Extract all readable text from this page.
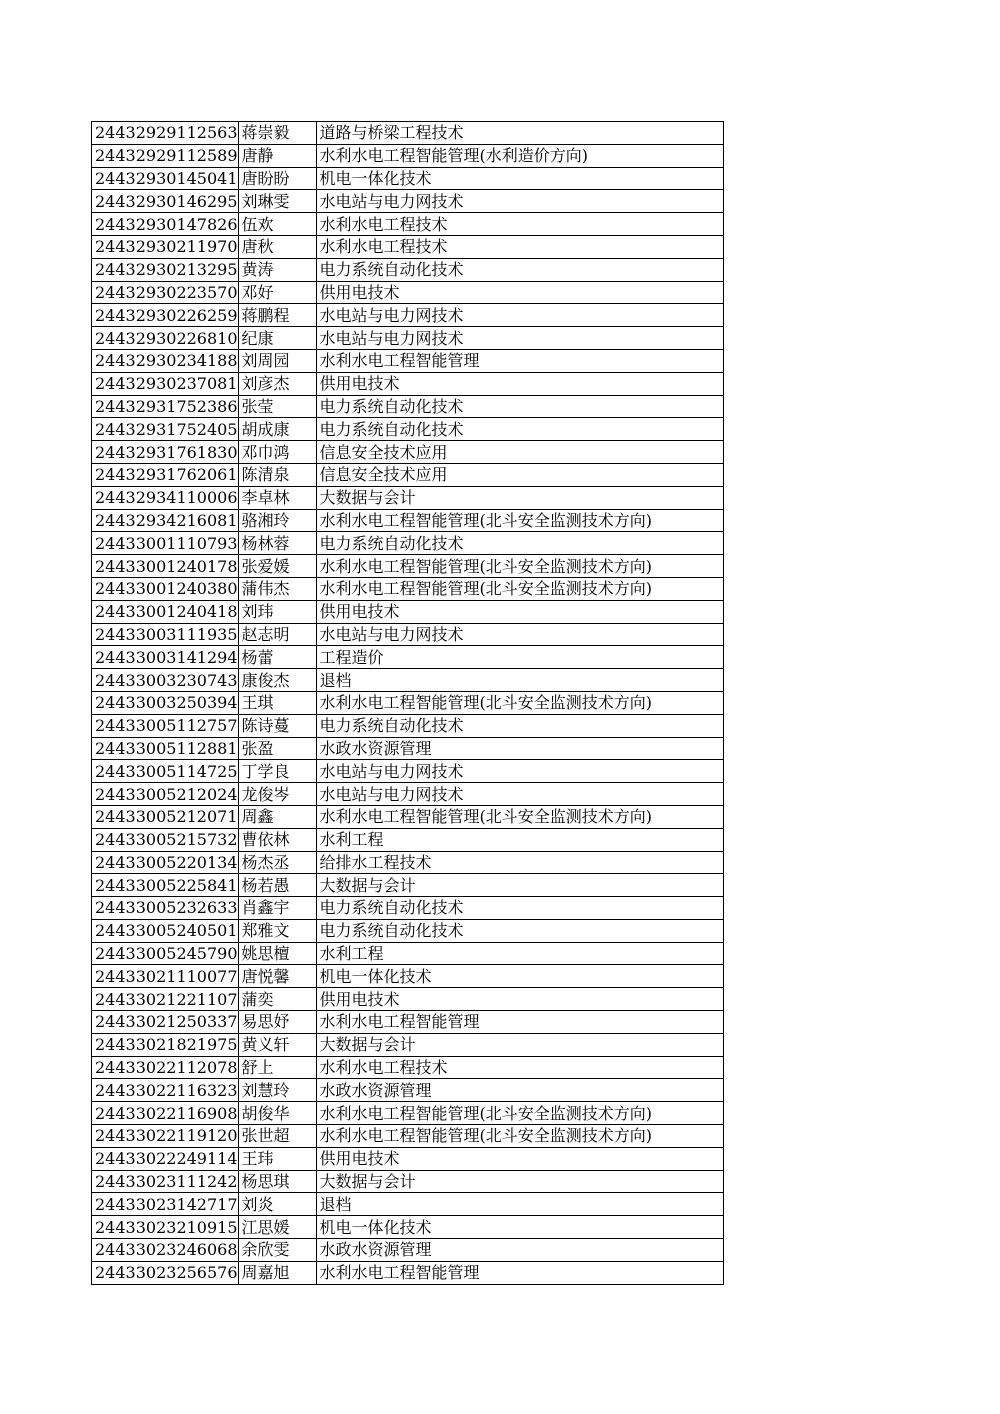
24432929112563	蒋崇毅	道路与桥梁工程技术
24432929112589	唐静	水利水电工程智能管理(水利造价方向)
24432930145041	唐盼盼	机电一体化技术
24432930146295	刘琳雯	水电站与电力网技术
24432930147826	伍欢	水利水电工程技术
24432930211970	唐秋	水利水电工程技术
24432930213295	黄涛	电力系统自动化技术
24432930223570	邓好	供用电技术
24432930226259	蒋鹏程	水电站与电力网技术
24432930226810	纪康	水电站与电力网技术
24432930234188	刘周园	水利水电工程智能管理
24432930237081	刘彦杰	供用电技术
24432931752386	张莹	电力系统自动化技术
24432931752405	胡成康	电力系统自动化技术
24432931761830	邓巾鸿	信息安全技术应用
24432931762061	陈清泉	信息安全技术应用
24432934110006	李卓林	大数据与会计
24432934216081	骆湘玲	水利水电工程智能管理(北斗安全监测技术方向)
24433001110793	杨林蓉	电力系统自动化技术
24433001240178	张爱媛	水利水电工程智能管理(北斗安全监测技术方向)
24433001240380	蒲伟杰	水利水电工程智能管理(北斗安全监测技术方向)
24433001240418	刘玮	供用电技术
24433003111935	赵志明	水电站与电力网技术
24433003141294	杨蕾	工程造价
24433003230743	康俊杰	退档
24433003250394	王琪	水利水电工程智能管理(北斗安全监测技术方向)
24433005112757	陈诗蔓	电力系统自动化技术
24433005112881	张盈	水政水资源管理
24433005114725	丁学良	水电站与电力网技术
24433005212024	龙俊岑	水电站与电力网技术
24433005212071	周鑫	水利水电工程智能管理(北斗安全监测技术方向)
24433005215732	曹依林	水利工程
24433005220134	杨杰丞	给排水工程技术
24433005225841	杨若愚	大数据与会计
24433005232633	肖鑫宇	电力系统自动化技术
24433005240501	郑雅文	电力系统自动化技术
24433005245790	姚思檀	水利工程
24433021110077	唐悦馨	机电一体化技术
24433021221107	蒲奕	供用电技术
24433021250337	易思妤	水利水电工程智能管理
24433021821975	黄义轩	大数据与会计
24433022112078	舒上	水利水电工程技术
24433022116323	刘慧玲	水政水资源管理
24433022116908	胡俊华	水利水电工程智能管理(北斗安全监测技术方向)
24433022119120	张世超	水利水电工程智能管理(北斗安全监测技术方向)
24433022249114	王玮	供用电技术
24433023111242	杨思琪	大数据与会计
24433023142717	刘炎	退档
24433023210915	江思媛	机电一体化技术
24433023246068	余欣雯	水政水资源管理
24433023256576	周嘉旭	水利水电工程智能管理
